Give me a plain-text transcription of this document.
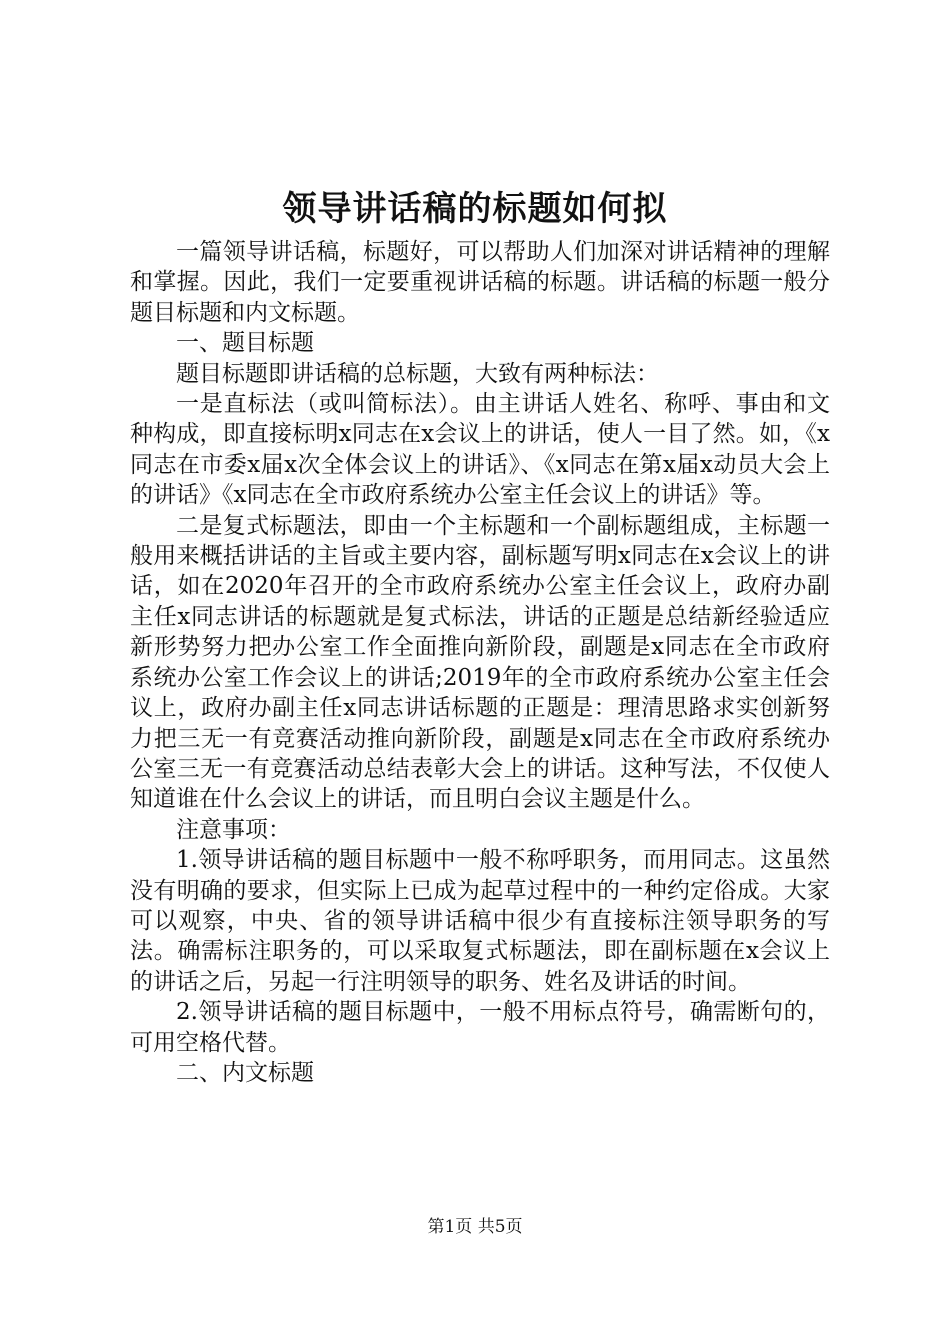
领导讲话稿的标题如何拟

一篇领导讲话稿，标题好，可以帮助人们加深对讲话精神的理解和掌握。因此，我们一定要重视讲话稿的标题。讲话稿的标题一般分题目标题和内文标题。

一、题目标题

题目标题即讲话稿的总标题，大致有两种标法：

一是直标法（或叫简标法）。由主讲话人姓名、称呼、事由和文种构成，即直接标明x同志在x会议上的讲话，使人一目了然。如，《x同志在市委x届x次全体会议上的讲话》、《x同志在第x届x动员大会上的讲话》《x同志在全市政府系统办公室主任会议上的讲话》等。

二是复式标题法，即由一个主标题和一个副标题组成，主标题一般用来概括讲话的主旨或主要内容，副标题写明x同志在x会议上的讲话，如在2020年召开的全市政府系统办公室主任会议上，政府办副主任x同志讲话的标题就是复式标法，讲话的正题是总结新经验适应新形势努力把办公室工作全面推向新阶段，副题是x同志在全市政府系统办公室工作会议上的讲话;2019年的全市政府系统办公室主任会议上，政府办副主任x同志讲话标题的正题是：理清思路求实创新努力把三无一有竞赛活动推向新阶段，副题是x同志在全市政府系统办公室三无一有竞赛活动总结表彰大会上的讲话。这种写法，不仅使人知道谁在什么会议上的讲话，而且明白会议主题是什么。

注意事项：

1.领导讲话稿的题目标题中一般不称呼职务，而用同志。这虽然没有明确的要求，但实际上已成为起草过程中的一种约定俗成。大家可以观察，中央、省的领导讲话稿中很少有直接标注领导职务的写法。确需标注职务的，可以采取复式标题法，即在副标题在x会议上的讲话之后，另起一行注明领导的职务、姓名及讲话的时间。

2.领导讲话稿的题目标题中，一般不用标点符号，确需断句的，可用空格代替。

二、内文标题

第1页 共5页
